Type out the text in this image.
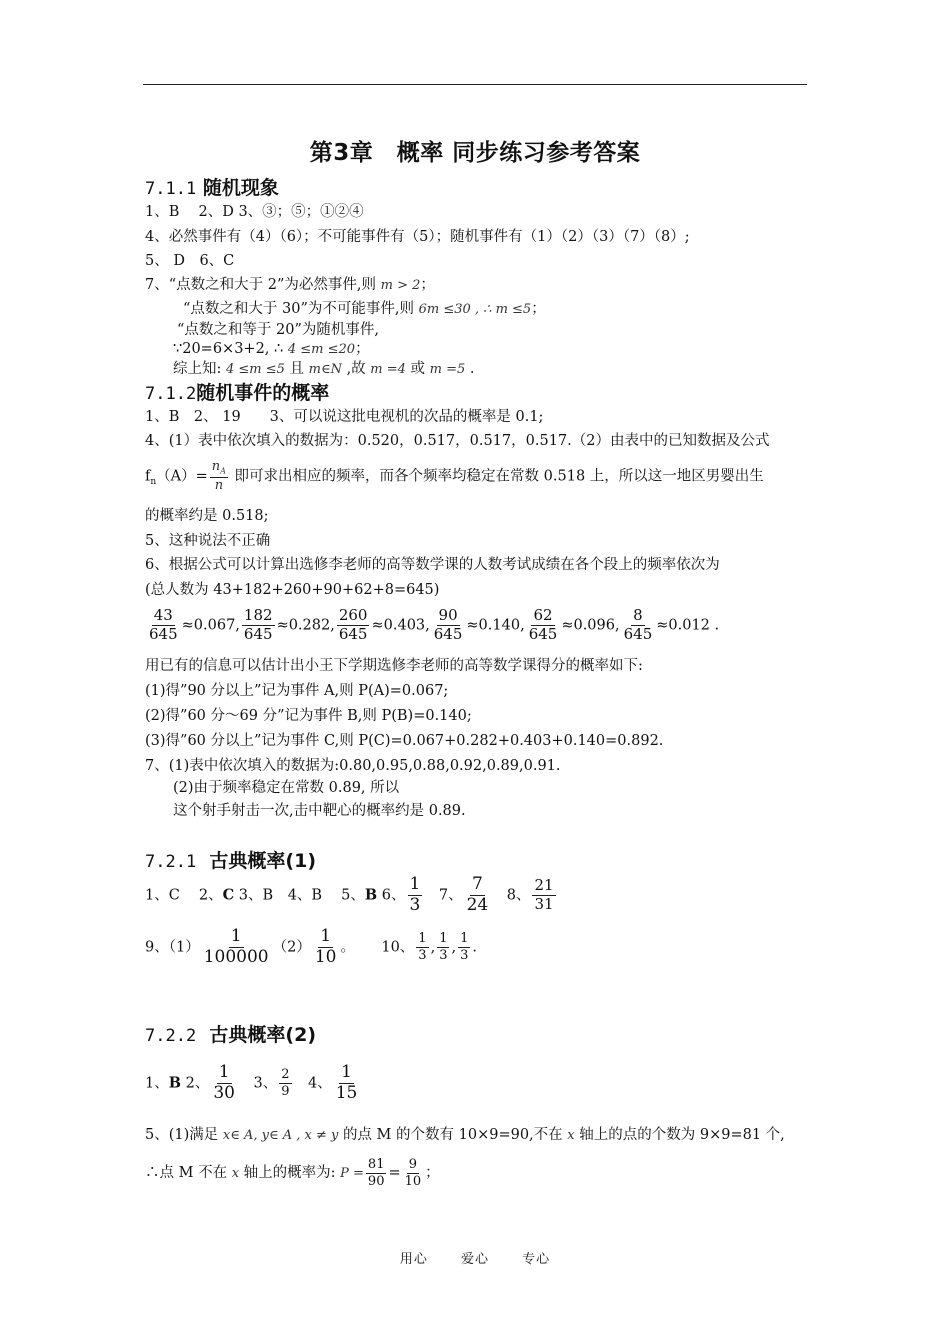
第3章　概率 同步练习参考答案
7.1.1 随机现象
1、B　 2、D 3、③；⑤；①②④
4、必然事件有（4）（6）；不可能事件有（5）；随机事件有（1）（2）（3）（7）（8）;
5、 D　6、C
7、“点数之和大于 2”为必然事件,则 m > 2；
“点数之和大于 30”为不可能事件,则 6m ≤30 , ∴ m ≤5；
“点数之和等于 20”为随机事件,
∵20=6×3+2, ∴ 4 ≤m ≤20；
综上知: 4 ≤m ≤5 且 m∈N ,故 m =4 或 m =5 .
7.1.2随机事件的概率
1、B　2、 19　　3、可以说这批电视机的次品的概率是 0.1;
4、(1）表中依次填入的数据为：0.520，0.517，0.517，0.517.（2）由表中的已知数据及公式
$f_n(A)= \frac{n_A}{n}$ 即可求出相应的频率，而各个频率均稳定在常数 0.518 上，所以这一地区男婴出生
的概率约是 0.518;
5、这种说法不正确
6、根据公式可以计算出选修李老师的高等数学课的人数考试成绩在各个段上的频率依次为
(总人数为 43+182+260+90+62+8=645)
$\frac{43}{645} \approx 0.067$, $\frac{182}{645} \approx 0.282$, $\frac{260}{645} \approx 0.403$, $\frac{90}{645} \approx 0.140$, $\frac{62}{645} \approx 0.096$, $\frac{8}{645} \approx 0.012$ .
用已有的信息可以估计出小王下学期选修李老师的高等数学课得分的概率如下:
(1)得”90 分以上”记为事件 A,则 P(A)=0.067;
(2)得”60 分～69 分”记为事件 B,则 P(B)=0.140;
(3)得”60 分以上”记为事件 C,则 P(C)=0.067+0.282+0.403+0.140=0.892.
7、(1)表中依次填入的数据为:0.80,0.95,0.88,0.92,0.89,0.91.
(2)由于频率稳定在常数 0.89, 所以
这个射手射击一次,击中靶心的概率约是 0.89.
7.2.1 古典概率(1)
1、C　 2、C 3、B　4、B　 5、B 6、 $\frac{1}{3}$ 　7、 $\frac{7}{24}$ 　8、 $\frac{21}{31}$
9、$(1) \frac{1}{100000} (2) \frac{1}{10}$ 。　　 10、 $\frac{1}{3}$ , $\frac{1}{3}$ , $\frac{1}{3}$ .
7.2.2 古典概率(2)
1、B 2、 $\frac{1}{30}$ 　3、 $\frac{2}{9}$ 　4、 $\frac{1}{15}$
5、(1)满足 x∈ A, y∈ A , x ≠ y 的点 M 的个数有 10×9=90,不在 x 轴上的点的个数为 9×9=81 个,
∴点 M 不在 x 轴上的概率为: $P = \frac{81}{90} = \frac{9}{10}$ ；
用心	爱心	专心
